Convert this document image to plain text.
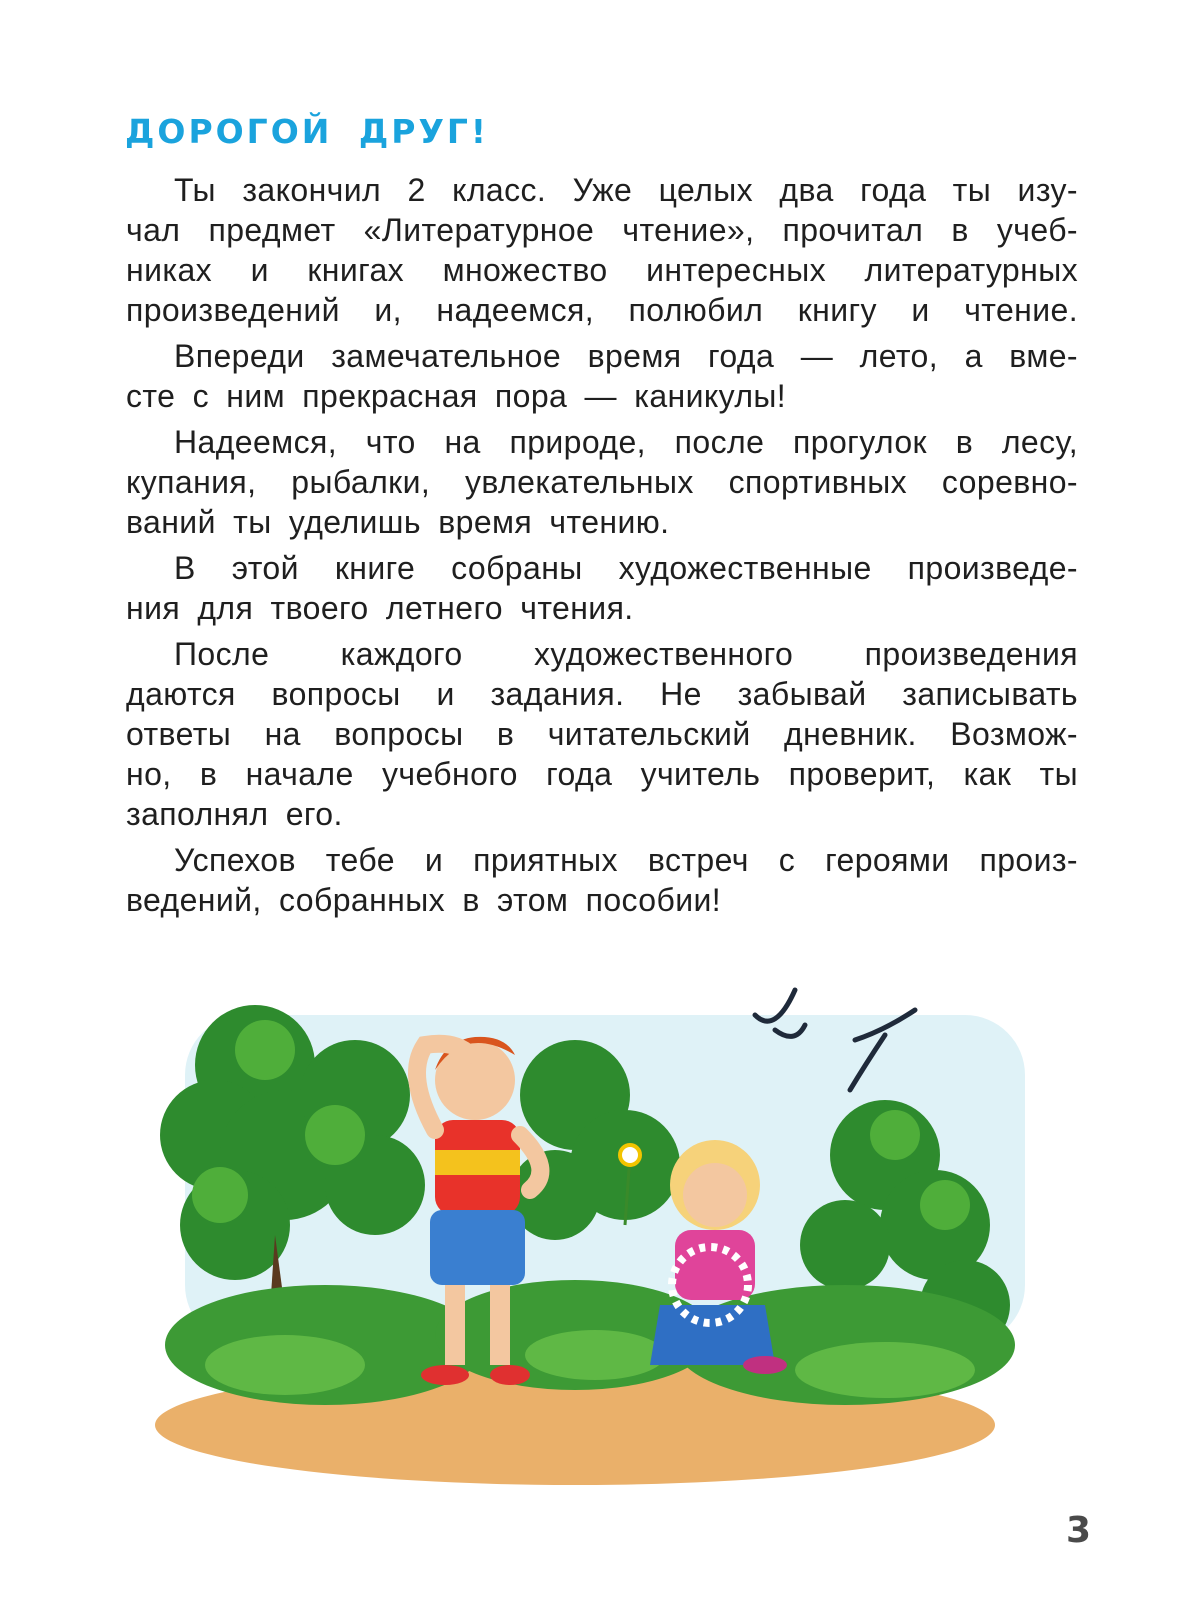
ДОРОГОЙ ДРУГ!

Ты закончил 2 класс. Уже целых два года ты изу-
чал предмет «Литературное чтение», прочитал в учеб-
никах и книгах множество интересных литературных
произведений и, надеемся, полюбил книгу и чтение.

Впереди замечательное время года — лето, а вме-
сте с ним прекрасная пора — каникулы!

Надеемся, что на природе, после прогулок в лесу,
купания, рыбалки, увлекательных спортивных соревно-
ваний ты уделишь время чтению.

В этой книге собраны художественные произведе-
ния для твоего летнего чтения.

После каждого художественного произведения
даются вопросы и задания. Не забывай записывать
ответы на вопросы в читательский дневник. Возмож-
но, в начале учебного года учитель проверит, как ты
заполнял его.

Успехов тебе и приятных встреч с героями произ-
ведений, собранных в этом пособии!

3
